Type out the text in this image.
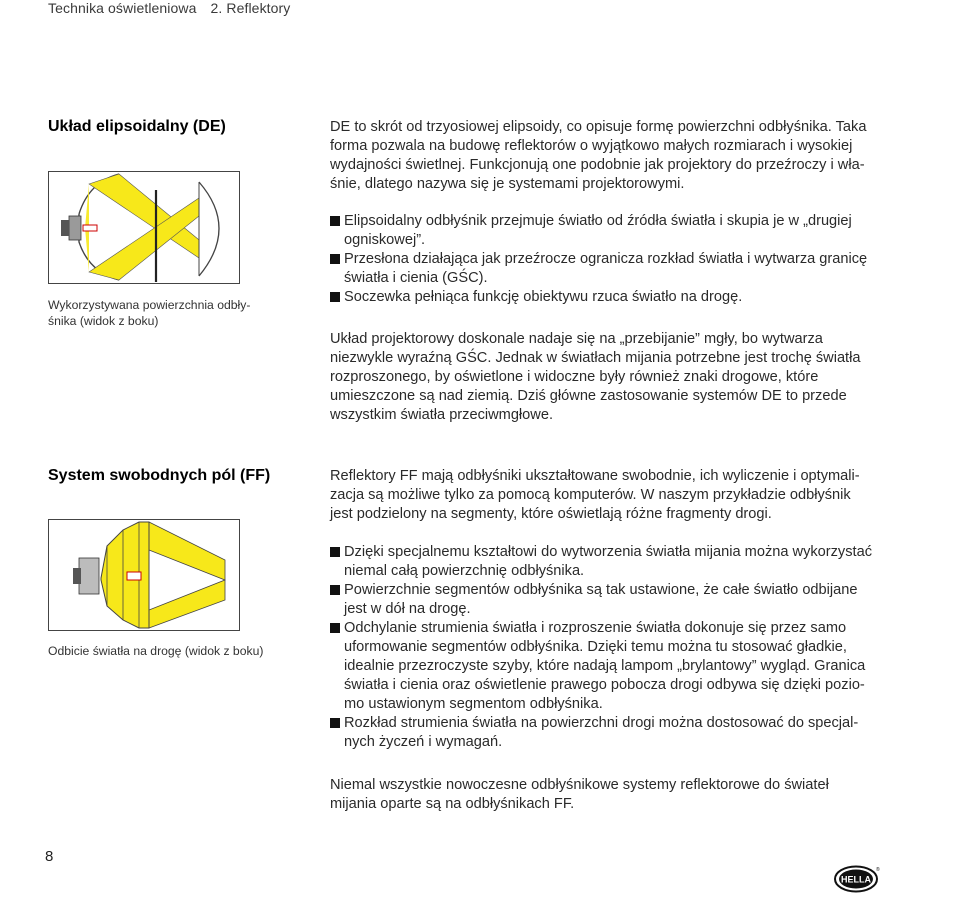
Technika oświetleniowa 2. Reflektory
Układ elipsoidalny (DE)
Wykorzystywana powierzchnia odbły-
śnika (widok z boku)
DE to skrót od trzyosiowej elipsoidy, co opisuje formę powierzchni odbłyśnika. Taka
forma pozwala na budowę reflektorów o wyjątkowo małych rozmiarach i wysokiej
wydajności świetlnej. Funkcjonują one podobnie jak projektory do przeźroczy i wła-
śnie, dlatego nazywa się je systemami projektorowymi.
Elipsoidalny odbłyśnik przejmuje światło od źródła światła i skupia je w „drugiej
ogniskowej”.
Przesłona działająca jak przeźrocze ogranicza rozkład światła i wytwarza granicę
światła i cienia (GŚC).
Soczewka pełniąca funkcję obiektywu rzuca światło na drogę.
Układ projektorowy doskonale nadaje się na „przebijanie” mgły, bo wytwarza
niezwykle wyraźną GŚC. Jednak w światłach mijania potrzebne jest trochę światła
rozproszonego, by oświetlone i widoczne były również znaki drogowe, które
umieszczone są nad ziemią. Dziś główne zastosowanie systemów DE to przede
wszystkim światła przeciwmgłowe.
System swobodnych pól (FF)
Odbicie światła na drogę (widok z boku)
Reflektory FF mają odbłyśniki ukształtowane swobodnie, ich wyliczenie i optymali-
zacja są możliwe tylko za pomocą komputerów. W naszym przykładzie odbłyśnik
jest podzielony na segmenty, które oświetlają różne fragmenty drogi.
Dzięki specjalnemu kształtowi do wytworzenia światła mijania można wykorzystać
niemal całą powierzchnię odbłyśnika.
Powierzchnie segmentów odbłyśnika są tak ustawione, że całe światło odbijane
jest w dół na drogę.
Odchylanie strumienia światła i rozproszenie światła dokonuje się przez samo
uformowanie segmentów odbłyśnika. Dzięki temu można tu stosować gładkie,
idealnie przezroczyste szyby, które nadają lampom „brylantowy” wygląd. Granica
światła i cienia oraz oświetlenie prawego pobocza drogi odbywa się dzięki pozio-
mo ustawionym segmentom odbłyśnika.
Rozkład strumienia światła na powierzchni drogi można dostosować do specjal-
nych życzeń i wymagań.
Niemal wszystkie nowoczesne odbłyśnikowe systemy reflektorowe do świateł
mijania oparte są na odbłyśnikach FF.
8
HELLA
®
